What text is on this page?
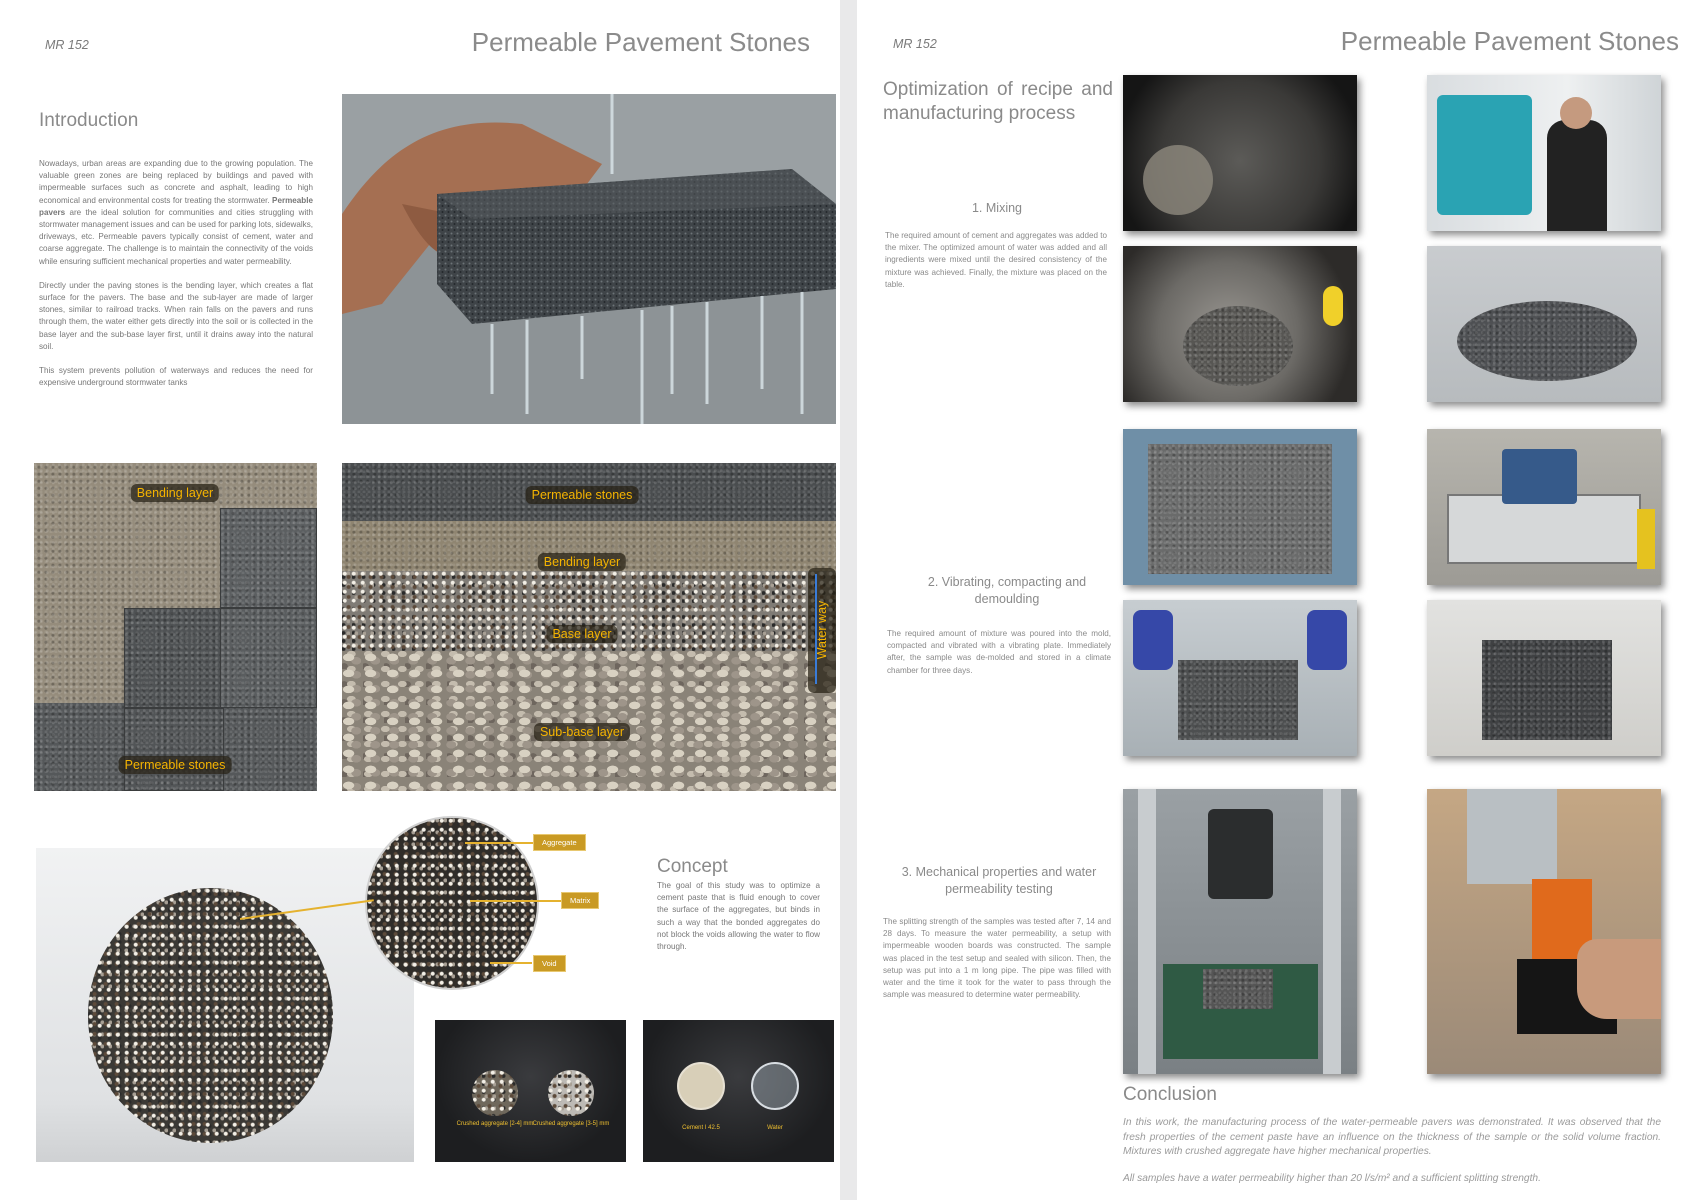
MR 152	Permeable Pavement Stones
Introduction

Nowadays, urban areas are expanding due to the growing population. The valuable green zones are being replaced by buildings and paved with impermeable surfaces such as concrete and asphalt, leading to high economical and environmental costs for treating the stormwater. Permeable pavers are the ideal solution for communities and cities struggling with stormwater management issues and can be used for parking lots, sidewalks, driveways, etc. Permeable pavers typically consist of cement, water and coarse aggregate. The challenge is to maintain the connectivity of the voids while ensuring sufficient mechanical properties and water permeability.

Directly under the paving stones is the bending layer, which creates a flat surface for the pavers. The base and the sub-layer are made of larger stones, similar to railroad tracks. When rain falls on the pavers and runs through them, the water either gets directly into the soil or is collected in the base layer and the sub-base layer first, until it drains away into the natural soil.

This system prevents pollution of waterways and reduces the need for expensive underground stormwater tanks

Bending layer
Permeable stones
Permeable stones
Bending layer
Base layer
Sub-base layer
Water way
Aggregate
Matrix
Void
Concept
The goal of this study was to optimize a cement paste that is fluid enough to cover the surface of the aggregates, but binds in such a way that the bonded aggregates do not block the voids allowing the water to flow through.
Crushed aggregate [2-4] mm Crushed aggregate [3-5] mm
Cement I 42.5	Water
MR 152	Permeable Pavement Stones
Optimization of recipe and manufacturing process
1. Mixing
The required amount of cement and aggregates was added to the mixer. The optimized amount of water was added and all ingredients were mixed until the desired consistency of the mixture was achieved. Finally, the mixture was placed on the table.
2. Vibrating, compacting and demoulding
The required amount of mixture was poured into the mold, compacted and vibrated with a vibrating plate. Immediately after, the sample was de-molded and stored in a climate chamber for three days.
3. Mechanical properties and water permeability testing
The splitting strength of the samples was tested after 7, 14 and 28 days. To measure the water permeability, a setup with impermeable wooden boards was constructed. The sample was placed in the test setup and sealed with silicon. Then, the setup was put into a 1 m long pipe. The pipe was filled with water and the time it took for the water to pass through the sample was measured to determine water permeability.
Conclusion
In this work, the manufacturing process of the water-permeable pavers was demonstrated. It was observed that the fresh properties of the cement paste have an influence on the thickness of the sample or the solid volume fraction. Mixtures with crushed aggregate have higher mechanical properties.
All samples have a water permeability higher than 20 l/s/m² and a sufficient splitting strength.
